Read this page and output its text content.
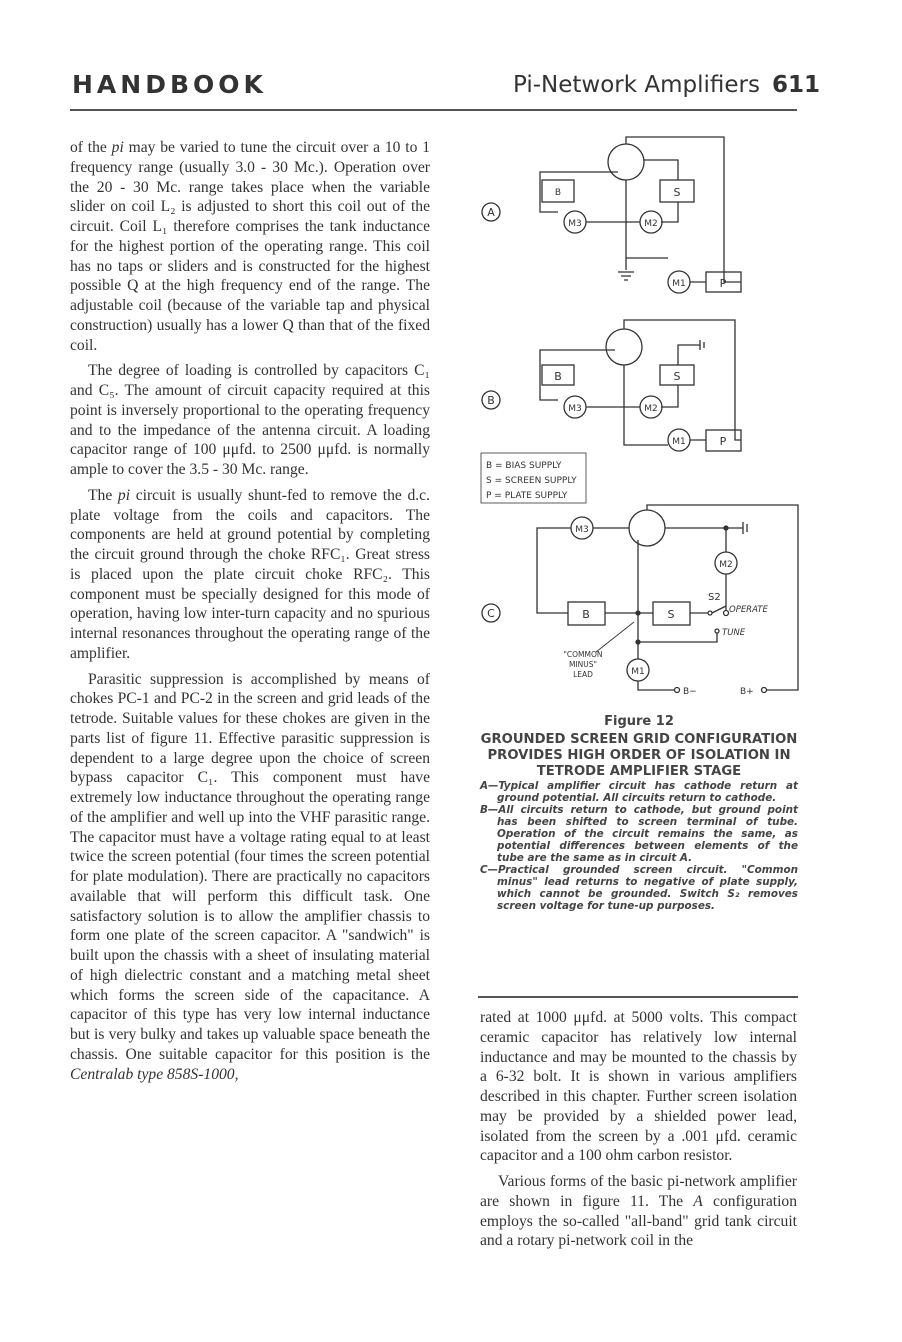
HANDBOOK	Pi-Network Amplifiers 611

of the pi may be varied to tune the circuit over a 10 to 1 frequency range (usually 3.0 - 30 Mc.). Operation over the 20 - 30 Mc. range takes place when the variable slider on coil L₂ is adjusted to short this coil out of the circuit. Coil L₁ therefore comprises the tank inductance for the highest portion of the operating range. This coil has no taps or sliders and is constructed for the highest possible Q at the high frequency end of the range. The adjustable coil (because of the variable tap and physical construction) usually has a lower Q than that of the fixed coil.

The degree of loading is controlled by capacitors C₁ and C₅. The amount of circuit capacity required at this point is inversely proportional to the operating frequency and to the impedance of the antenna circuit. A loading capacitor range of 100 μμfd. to 2500 μμfd. is normally ample to cover the 3.5 - 30 Mc. range.

The pi circuit is usually shunt-fed to remove the d.c. plate voltage from the coils and capacitors. The components are held at ground potential by completing the circuit ground through the choke RFC₁. Great stress is placed upon the plate circuit choke RFC₂. This component must be specially designed for this mode of operation, having low inter-turn capacity and no spurious internal resonances throughout the operating range of the amplifier.

Parasitic suppression is accomplished by means of chokes PC-1 and PC-2 in the screen and grid leads of the tetrode. Suitable values for these chokes are given in the parts list of figure 11. Effective parasitic suppression is dependent to a large degree upon the choice of screen bypass capacitor C₁. This component must have extremely low inductance throughout the operating range of the amplifier and well up into the VHF parasitic range. The capacitor must have a voltage rating equal to at least twice the screen potential (four times the screen potential for plate modulation). There are practically no capacitors available that will perform this difficult task. One satisfactory solution is to allow the amplifier chassis to form one plate of the screen capacitor. A "sandwich" is built upon the chassis with a sheet of insulating material of high dielectric constant and a matching metal sheet which forms the screen side of the capacitance. A capacitor of this type has very low internal inductance but is very bulky and takes up valuable space beneath the chassis. One suitable capacitor for this position is the Centralab type 858S-1000,

A
B	S
M3	M2
M1	P
B
B	S
M3	M2
M1	P
B = BIAS SUPPLY
S = SCREEN SUPPLY
P = PLATE SUPPLY
C	B	S
M3
M2
M1
S2
OPERATE
TUNE
"COMMON
MINUS"
LEAD
B−	B+
Figure 12
GROUNDED SCREEN GRID CONFIGURATION PROVIDES HIGH ORDER OF ISOLATION IN TETRODE AMPLIFIER STAGE
A—Typical amplifier circuit has cathode return at ground potential. All circuits return to cathode.
B—All circuits return to cathode, but ground point has been shifted to screen terminal of tube. Operation of the circuit remains the same, as potential differences between elements of the tube are the same as in circuit A.
C—Practical grounded screen circuit. "Common minus" lead returns to negative of plate supply, which cannot be grounded. Switch S₂ removes screen voltage for tune-up purposes.

rated at 1000 μμfd. at 5000 volts. This compact ceramic capacitor has relatively low internal inductance and may be mounted to the chassis by a 6-32 bolt. It is shown in various amplifiers described in this chapter. Further screen isolation may be provided by a shielded power lead, isolated from the screen by a .001 μfd. ceramic capacitor and a 100 ohm carbon resistor.

Various forms of the basic pi-network amplifier are shown in figure 11. The A configuration employs the so-called "all-band" grid tank circuit and a rotary pi-network coil in the
